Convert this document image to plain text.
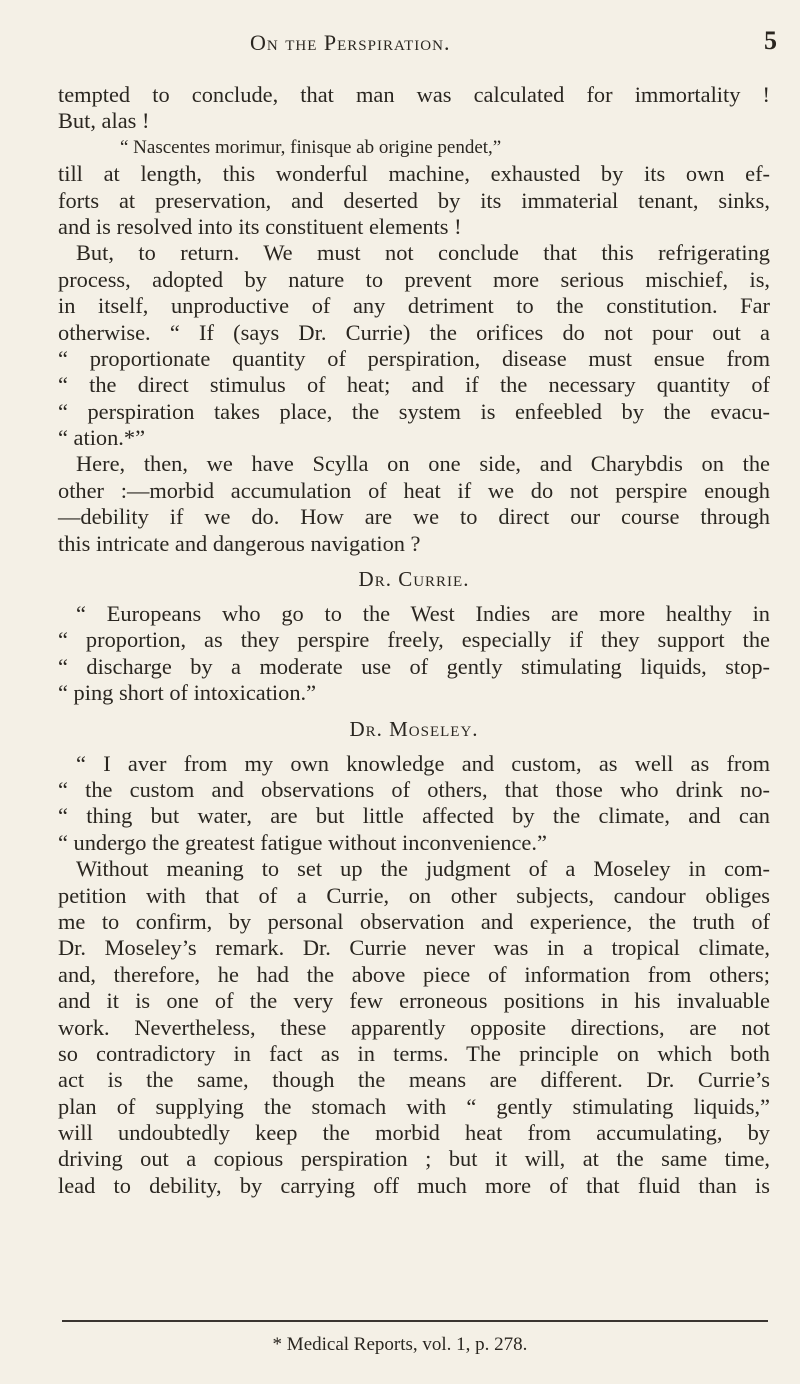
On the Perspiration.	5
tempted to conclude, that man was calculated for immortality !
But, alas !
“ Nascentes morimur, finisque ab origine pendet,”
till at length, this wonderful machine, exhausted by its own ef-
forts at preservation, and deserted by its immaterial tenant, sinks,
and is resolved into its constituent elements !
But, to return. We must not conclude that this refrigerating
process, adopted by nature to prevent more serious mischief, is,
in itself, unproductive of any detriment to the constitution. Far
otherwise. “ If (says Dr. Currie) the orifices do not pour out a
“ proportionate quantity of perspiration, disease must ensue from
“ the direct stimulus of heat; and if the necessary quantity of
“ perspiration takes place, the system is enfeebled by the evacu-
“ ation.*”
Here, then, we have Scylla on one side, and Charybdis on the
other :—morbid accumulation of heat if we do not perspire enough
—debility if we do. How are we to direct our course through
this intricate and dangerous navigation ?
Dr. Currie.
“ Europeans who go to the West Indies are more healthy in
“ proportion, as they perspire freely, especially if they support the
“ discharge by a moderate use of gently stimulating liquids, stop-
“ ping short of intoxication.”
Dr. Moseley.
“ I aver from my own knowledge and custom, as well as from
“ the custom and observations of others, that those who drink no-
“ thing but water, are but little affected by the climate, and can
“ undergo the greatest fatigue without inconvenience.”
Without meaning to set up the judgment of a Moseley in com-
petition with that of a Currie, on other subjects, candour obliges
me to confirm, by personal observation and experience, the truth of
Dr. Moseley’s remark. Dr. Currie never was in a tropical climate,
and, therefore, he had the above piece of information from others;
and it is one of the very few erroneous positions in his invaluable
work. Nevertheless, these apparently opposite directions, are not
so contradictory in fact as in terms. The principle on which both
act is the same, though the means are different. Dr. Currie’s
plan of supplying the stomach with “ gently stimulating liquids,”
will undoubtedly keep the morbid heat from accumulating, by
driving out a copious perspiration ; but it will, at the same time,
lead to debility, by carrying off much more of that fluid than is
* Medical Reports, vol. 1, p. 278.
